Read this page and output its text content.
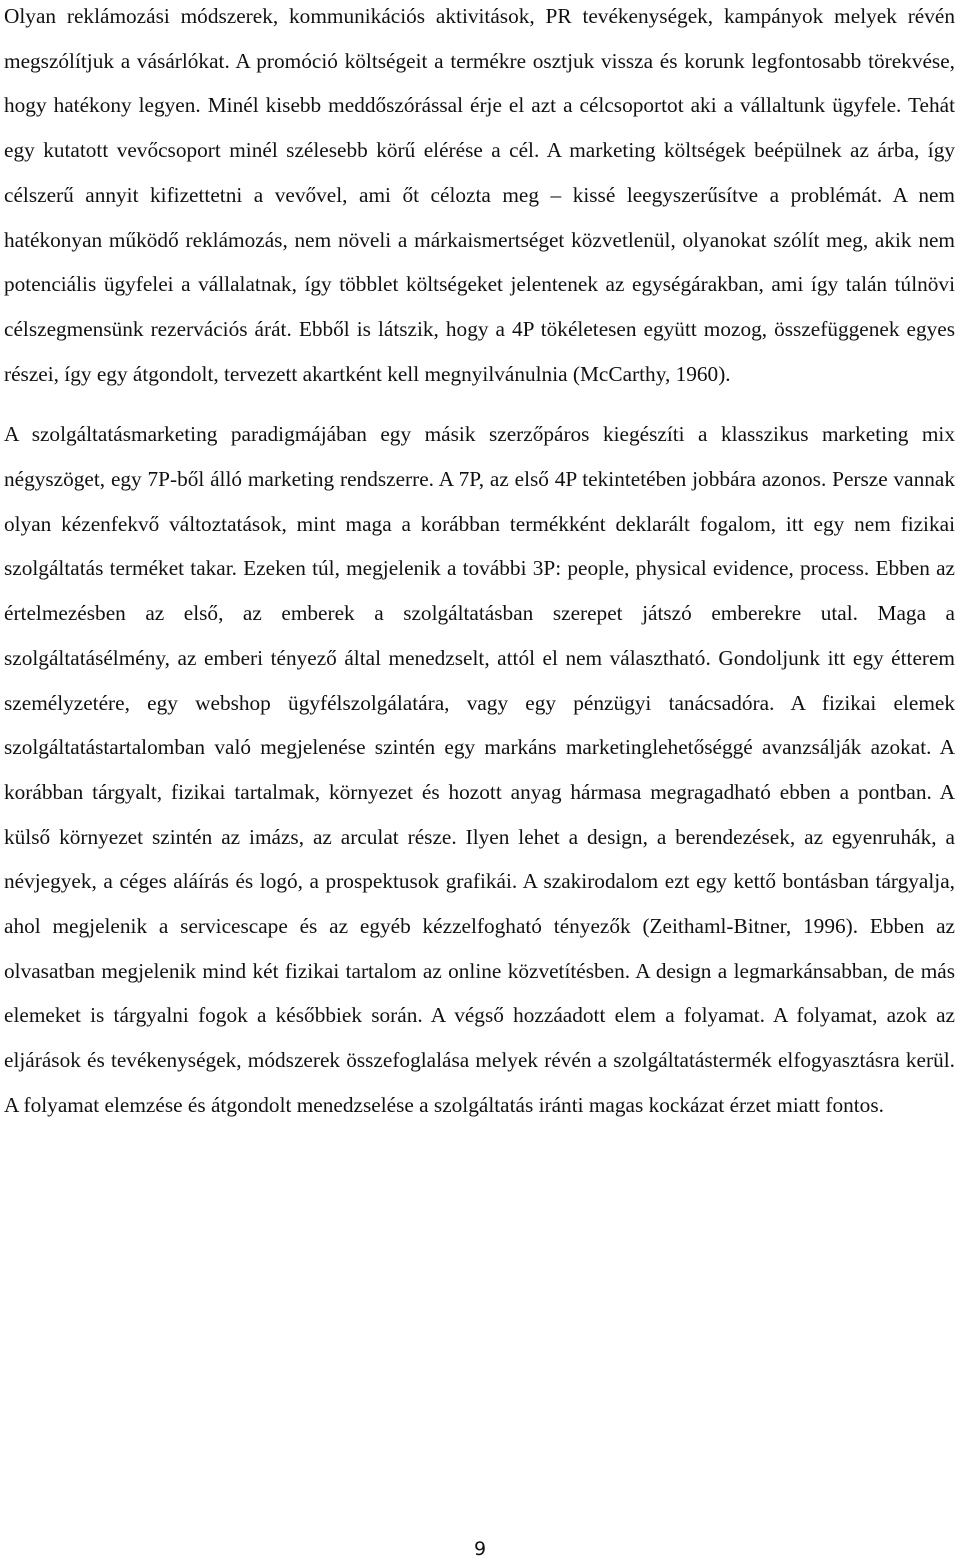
Olyan reklámozási módszerek, kommunikációs aktivitások, PR tevékenységek, kampányok melyek révén megszólítjuk a vásárlókat. A promóció költségeit a termékre osztjuk vissza és korunk legfontosabb törekvése, hogy hatékony legyen. Minél kisebb meddőszórással érje el azt a célcsoportot aki a vállaltunk ügyfele. Tehát egy kutatott vevőcsoport minél szélesebb körű elérése a cél. A marketing költségek beépülnek az árba, így célszerű annyit kifizettetni a vevővel, ami őt célozta meg – kissé leegyszerűsítve a problémát. A nem hatékonyan működő reklámozás, nem növeli a márkaismertséget közvetlenül, olyanokat szólít meg, akik nem potenciális ügyfelei a vállalatnak, így többlet költségeket jelentenek az egységárakban, ami így talán túlnövi célszegmensünk rezervációs árát. Ebből is látszik, hogy a 4P tökéletesen együtt mozog, összefüggenek egyes részei, így egy átgondolt, tervezett akartként kell megnyilvánulnia (McCarthy, 1960).

A szolgáltatásmarketing paradigmájában egy másik szerzőpáros kiegészíti a klasszikus marketing mix négyszöget, egy 7P-ből álló marketing rendszerre. A 7P, az első 4P tekintetében jobbára azonos. Persze vannak olyan kézenfekvő változtatások, mint maga a korábban termékként deklarált fogalom, itt egy nem fizikai szolgáltatás terméket takar. Ezeken túl, megjelenik a további 3P: people, physical evidence, process. Ebben az értelmezésben az első, az emberek a szolgáltatásban szerepet játszó emberekre utal. Maga a szolgáltatásélmény, az emberi tényező által menedzselt, attól el nem választható. Gondoljunk itt egy étterem személyzetére, egy webshop ügyfélszolgálatára, vagy egy pénzügyi tanácsadóra. A fizikai elemek szolgáltatástartalomban való megjelenése szintén egy markáns marketinglehetőséggé avanzsálják azokat. A korábban tárgyalt, fizikai tartalmak, környezet és hozott anyag hármasa megragadható ebben a pontban. A külső környezet szintén az imázs, az arculat része. Ilyen lehet a design, a berendezések, az egyenruhák, a névjegyek, a céges aláírás és logó, a prospektusok grafikái. A szakirodalom ezt egy kettő bontásban tárgyalja, ahol megjelenik a servicescape és az egyéb kézzelfogható tényezők (Zeithaml-Bitner, 1996). Ebben az olvasatban megjelenik mind két fizikai tartalom az online közvetítésben. A design a legmarkánsabban, de más elemeket is tárgyalni fogok a későbbiek során. A végső hozzáadott elem a folyamat. A folyamat, azok az eljárások és tevékenységek, módszerek összefoglalása melyek révén a szolgáltatástermék elfogyasztásra kerül. A folyamat elemzése és átgondolt menedzselése a szolgáltatás iránti magas kockázat érzet miatt fontos.

9
